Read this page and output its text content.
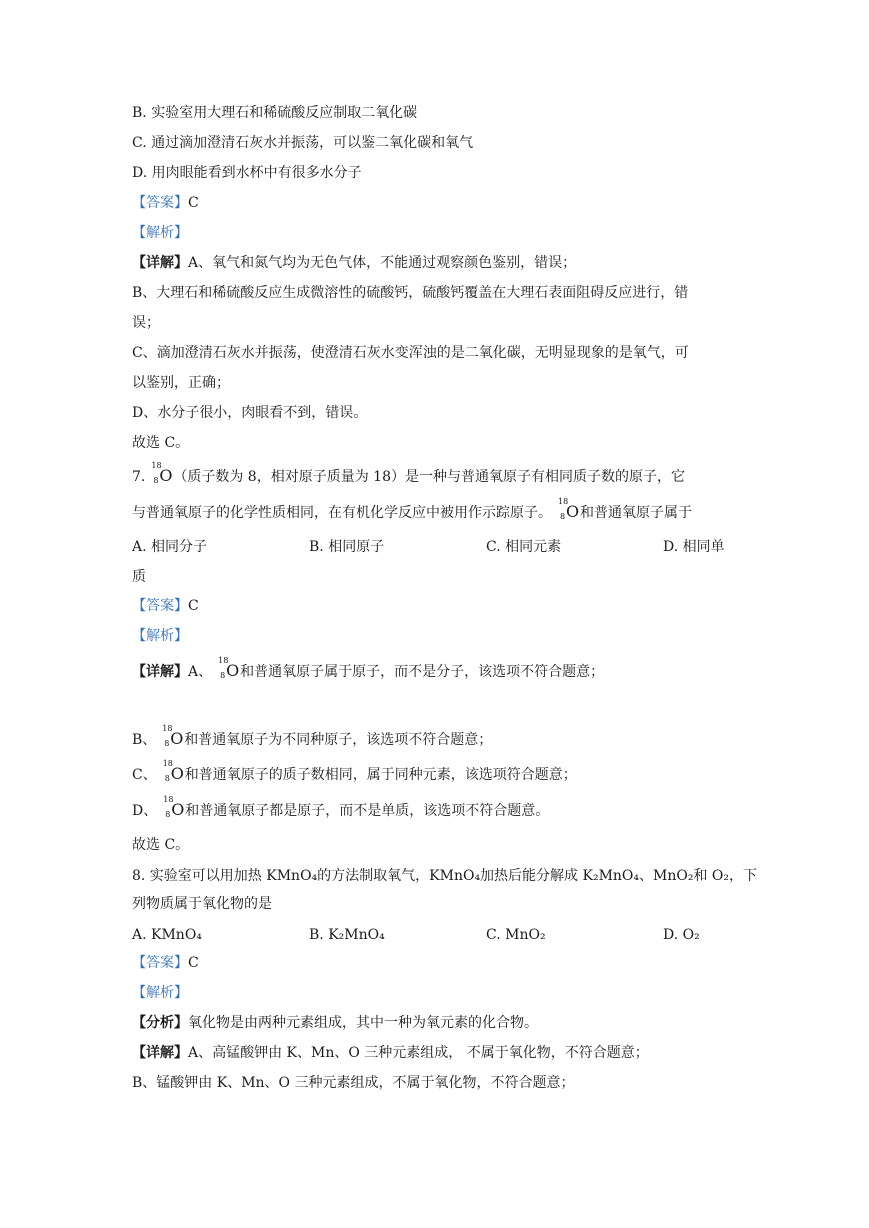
B. 实验室用大理石和稀硫酸反应制取二氧化碳
C. 通过滴加澄清石灰水并振荡，可以鉴二氧化碳和氧气
D. 用肉眼能看到水杯中有很多水分子
【答案】C
【解析】
【详解】A、氧气和氮气均为无色气体，不能通过观察颜色鉴别，错误；
B、大理石和稀硫酸反应生成微溶性的硫酸钙，硫酸钙覆盖在大理石表面阻碍反应进行，错
误；
C、滴加澄清石灰水并振荡，使澄清石灰水变浑浊的是二氧化碳，无明显现象的是氧气，可
以鉴别，正确；
D、水分子很小，肉眼看不到，错误。
故选 C。
7.
18
8 O （质子数为 8，相对原子质量为 18）是一种与普通氧原子有相同质子数的原子，它
与普通氧原子的化学性质相同，在有机化学反应中被用作示踪原子。
18
8 O 和普通氧原子属于
A. 相同分子	B. 相同原子	C. 相同元素	D. 相同单
质
【答案】C
【解析】
【详解】A、
18
8 O 和普通氧原子属于原子，而不是分子，该选项不符合题意；
B、
18
8 O 和普通氧原子为不同种原子，该选项不符合题意；
C、
18
8 O 和普通氧原子的质子数相同，属于同种元素，该选项符合题意；
D、
18
8 O 和普通氧原子都是原子，而不是单质，该选项不符合题意。
故选 C。
8. 实验室可以用加热 KMnO₄的方法制取氧气，KMnO₄加热后能分解成 K₂MnO₄、MnO₂和 O₂，下
列物质属于氧化物的是
A. KMnO₄	B. K₂MnO₄	C. MnO₂	D. O₂
【答案】C
【解析】
【分析】氧化物是由两种元素组成，其中一种为氧元素的化合物。
【详解】A、高锰酸钾由 K、Mn、O 三种元素组成， 不属于氧化物，不符合题意；
B、锰酸钾由 K、Mn、O 三种元素组成，不属于氧化物，不符合题意；
